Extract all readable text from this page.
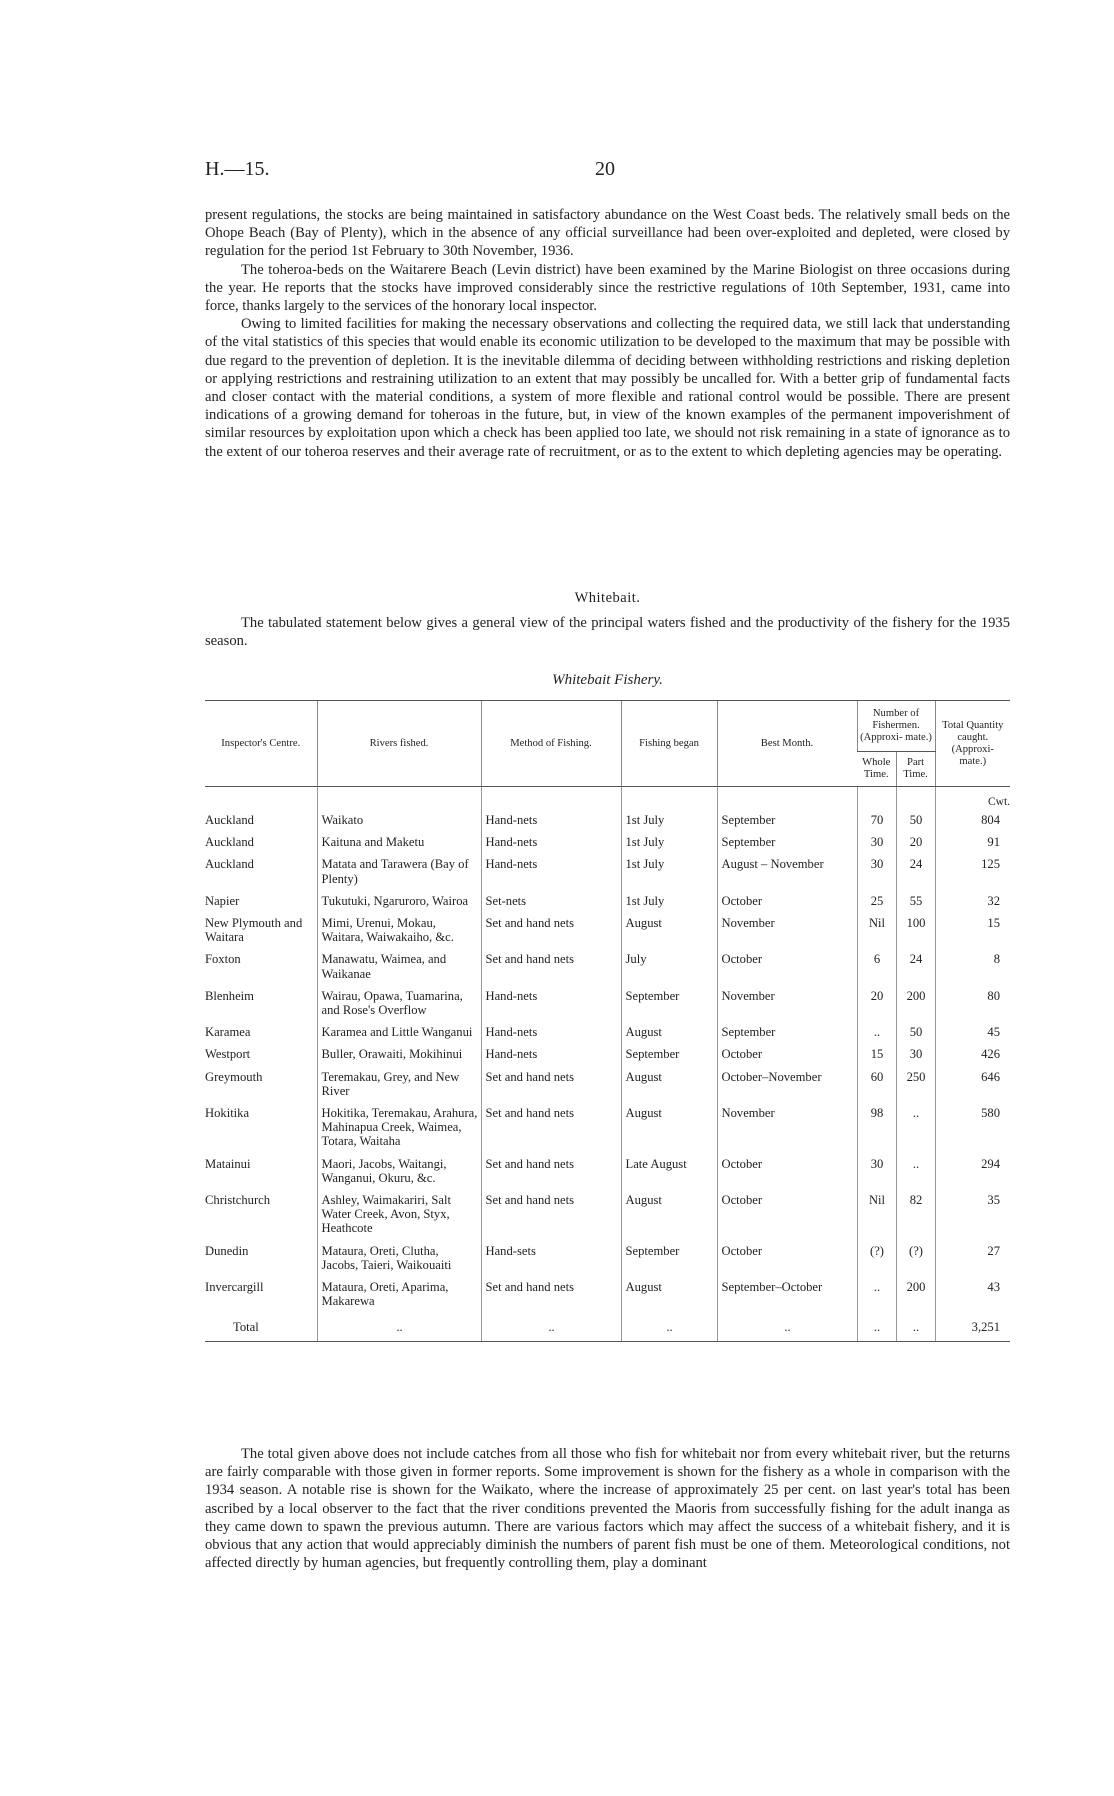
H.—15.	20

present regulations, the stocks are being maintained in satisfactory abundance on the West Coast beds. The relatively small beds on the Ohope Beach (Bay of Plenty), which in the absence of any official surveillance had been over-exploited and depleted, were closed by regulation for the period 1st February to 30th November, 1936.

The toheroa-beds on the Waitarere Beach (Levin district) have been examined by the Marine Biologist on three occasions during the year. He reports that the stocks have improved considerably since the restrictive regulations of 10th September, 1931, came into force, thanks largely to the services of the honorary local inspector.

Owing to limited facilities for making the necessary observations and collecting the required data, we still lack that understanding of the vital statistics of this species that would enable its economic utilization to be developed to the maximum that may be possible with due regard to the prevention of depletion. It is the inevitable dilemma of deciding between withholding restrictions and risking depletion or applying restrictions and restraining utilization to an extent that may possibly be uncalled for. With a better grip of fundamental facts and closer contact with the material conditions, a system of more flexible and rational control would be possible. There are present indications of a growing demand for toheroas in the future, but, in view of the known examples of the permanent impoverishment of similar resources by exploitation upon which a check has been applied too late, we should not risk remaining in a state of ignorance as to the extent of our toheroa reserves and their average rate of recruitment, or as to the extent to which depleting agencies may be operating.

Whitebait.

The tabulated statement below gives a general view of the principal waters fished and the productivity of the fishery for the 1935 season.

Whitebait Fishery.
Inspector's Centre.	Rivers fished.	Method of Fishing.	Fishing began	Best Month.	Number of Fishermen. (Approxi- mate.)		Total Quantity caught. (Approxi- mate.)
					Whole Time.	Part Time.	

							Cwt.

Auckland	Waikato	Hand-nets	1st July	September	70	50	804
Auckland	Kaituna and Maketu	Hand-nets	1st July	September	30	20	91
Auckland	Matata and Tarawera (Bay of Plenty)	Hand-nets	1st July	August – November	30	24	125
Napier	Tukutuki, Ngaruroro, Wairoa	Set-nets	1st July	October	25	55	32
New Plymouth and Waitara	Mimi, Urenui, Mokau, Waitara, Waiwakaiho, &c.	Set and hand nets	August	November	Nil	100	15
Foxton	Manawatu, Waimea, and Waikanae	Set and hand nets	July	October	6	24	8
Blenheim	Wairau, Opawa, Tuamarina, and Rose's Overflow	Hand-nets	September	November	20	200	80
Karamea	Karamea and Little Wanganui	Hand-nets	August	September	..	50	45
Westport	Buller, Orawaiti, Mokihinui	Hand-nets	September	October	15	30	426
Greymouth	Teremakau, Grey, and New River	Set and hand nets	August	October–November	60	250	646
Hokitika	Hokitika, Teremakau, Arahura, Mahinapua Creek, Waimea, Totara, Waitaha	Set and hand nets	August	November	98	..	580
Matainui	Maori, Jacobs, Waitangi, Wanganui, Okuru, &c.	Set and hand nets	Late August	October	30	..	294
Christchurch	Ashley, Waimakariri, Salt Water Creek, Avon, Styx, Heathcote	Set and hand nets	August	October	Nil	82	35
Dunedin	Mataura, Oreti, Clutha, Jacobs, Taieri, Waikouaiti	Hand-sets	September	October	(?)	(?)	27
Invercargill	Mataura, Oreti, Aparima, Makarewa	Set and hand nets	August	September–October	..	200	43
Total	..	..	..	..	..	..	3,251

The total given above does not include catches from all those who fish for whitebait nor from every whitebait river, but the returns are fairly comparable with those given in former reports. Some improvement is shown for the fishery as a whole in comparison with the 1934 season. A notable rise is shown for the Waikato, where the increase of approximately 25 per cent. on last year's total has been ascribed by a local observer to the fact that the river conditions prevented the Maoris from successfully fishing for the adult inanga as they came down to spawn the previous autumn. There are various factors which may affect the success of a whitebait fishery, and it is obvious that any action that would appreciably diminish the numbers of parent fish must be one of them. Meteorological conditions, not affected directly by human agencies, but frequently controlling them, play a dominant
